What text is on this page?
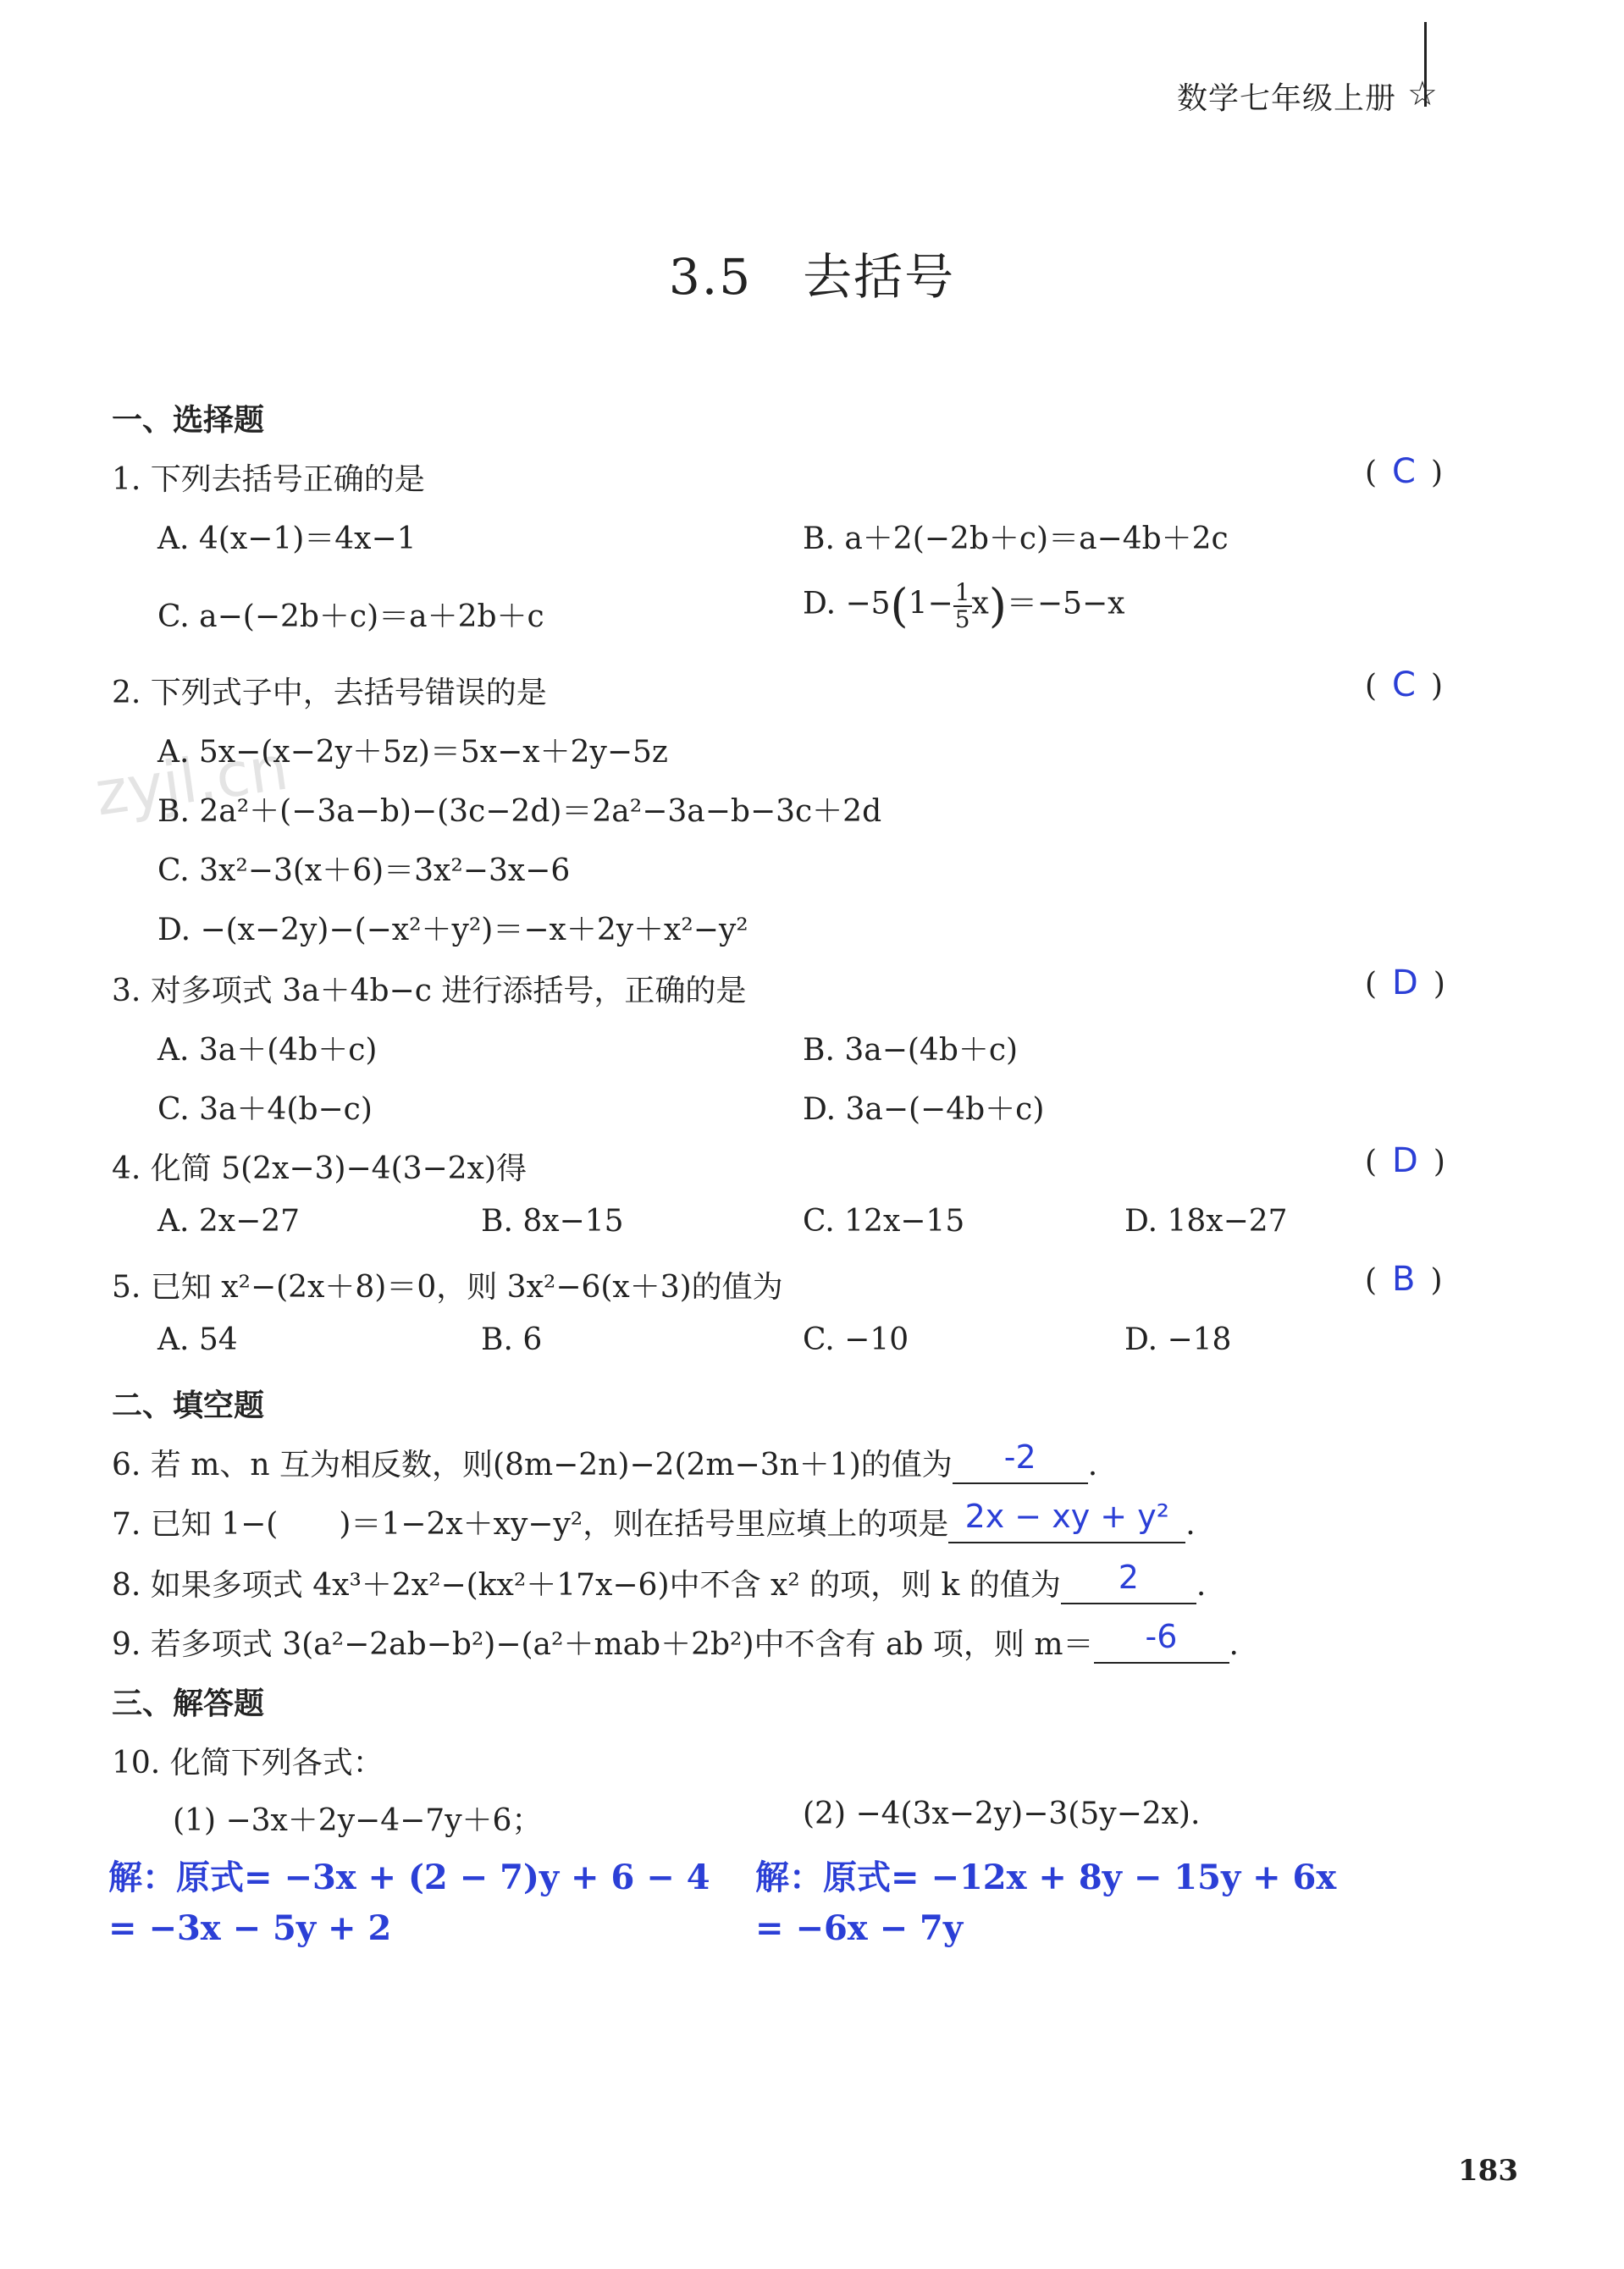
数学七年级上册 ☆
3.5　去括号
zyjl.cn
一、选择题
1. 下列去括号正确的是	( C )
A. 4(x−1)＝4x−1	B. a＋2(−2b＋c)＝a−4b＋2c
C. a−(−2b＋c)＝a＋2b＋c	D. $-5(1- \frac{1}{5} x)=-5-x$
2. 下列式子中，去括号错误的是	( C )
A. 5x−(x−2y＋5z)＝5x−x＋2y−5z
B. 2a²＋(−3a−b)−(3c−2d)＝2a²−3a−b−3c＋2d
C. 3x²−3(x＋6)＝3x²−3x−6
D. −(x−2y)−(−x²＋y²)＝−x＋2y＋x²−y²
3. 对多项式 3a＋4b−c 进行添括号，正确的是	( D )
A. 3a＋(4b＋c)	B. 3a−(4b＋c)
C. 3a＋4(b−c)	D. 3a−(−4b＋c)
4. 化简 5(2x−3)−4(3−2x)得	( D )
A. 2x−27	B. 8x−15	C. 12x−15	D. 18x−27
5. 已知 x²−(2x＋8)＝0，则 3x²−6(x＋3)的值为	( B )
A. 54	B. 6	C. −10	D. −18
二、填空题
6. 若 m、n 互为相反数，则(8m−2n)−2(2m−3n＋1)的值为	-2	.
7. 已知 1−(　　)＝1−2x＋xy−y²，则在括号里应填上的项是 2x − xy + y² .
8. 如果多项式 4x³＋2x²−(kx²＋17x−6)中不含 x² 的项，则 k 的值为	2	.
9. 若多项式 3(a²−2ab−b²)−(a²＋mab＋2b²)中不含有 ab 项，则 m＝	-6	.
三、解答题
10. 化简下列各式：
(1) −3x＋2y−4−7y＋6；	(2) −4(3x−2y)−3(5y−2x).
解：原式= −3x + (2 − 7)y + 6 − 4
= −3x − 5y + 2
解：原式= −12x + 8y − 15y + 6x
= −6x − 7y
183
